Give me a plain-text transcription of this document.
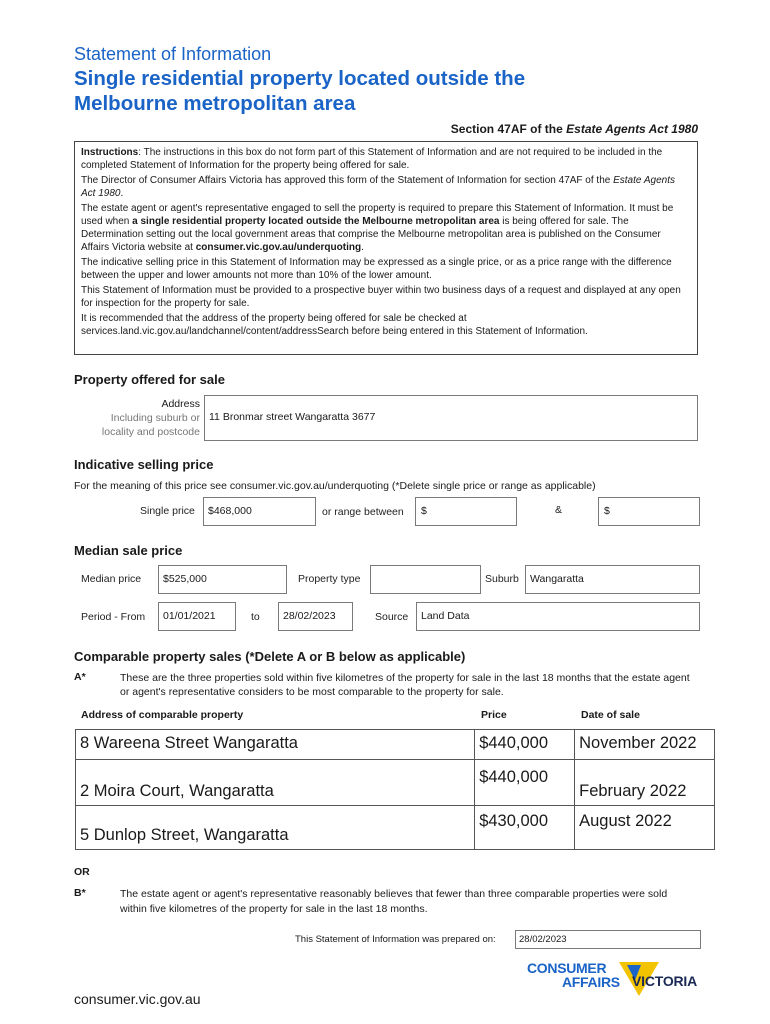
Statement of Information
Single residential property located outside the
Melbourne metropolitan area
Section 47AF of the Estate Agents Act 1980

Instructions: The instructions in this box do not form part of this Statement of Information and are not required to be included in the completed Statement of Information for the property being offered for sale.

The Director of Consumer Affairs Victoria has approved this form of the Statement of Information for section 47AF of the Estate Agents Act 1980.

The estate agent or agent's representative engaged to sell the property is required to prepare this Statement of Information. It must be used when a single residential property located outside the Melbourne metropolitan area is being offered for sale. The Determination setting out the local government areas that comprise the Melbourne metropolitan area is published on the Consumer Affairs Victoria website at consumer.vic.gov.au/underquoting.

The indicative selling price in this Statement of Information may be expressed as a single price, or as a price range with the difference between the upper and lower amounts not more than 10% of the lower amount.

This Statement of Information must be provided to a prospective buyer within two business days of a request and displayed at any open for inspection for the property for sale.

It is recommended that the address of the property being offered for sale be checked at services.land.vic.gov.au/landchannel/content/addressSearch before being entered in this Statement of Information.

Property offered for sale
Address
Including suburb or
locality and postcode
11 Bronmar street Wangaratta 3677
Indicative selling price
For the meaning of this price see consumer.vic.gov.au/underquoting (*Delete single price or range as applicable)
Single price $468,000	or range between $	&	$
Median sale price
Median price $525,000	Property type	Suburb Wangaratta
Period - From 01/01/2021	to 28/02/2023	Source Land Data
Comparable property sales (*Delete A or B below as applicable)
A*	These are the three properties sold within five kilometres of the property for sale in the last 18 months that the estate agent or agent's representative considers to be most comparable to the property for sale.
Address of comparable property	Price	Date of sale
8 Wareena Street Wangaratta	$440,000	November 2022
2 Moira Court, Wangaratta	$440,000	February 2022
5 Dunlop Street, Wangaratta	$430,000	August 2022
OR
B*	The estate agent or agent's representative reasonably believes that fewer than three comparable properties were sold within five kilometres of the property for sale in the last 18 months.
This Statement of Information was prepared on: 28/02/2023
CONSUMER
AFFAIRS VICTORIA
consumer.vic.gov.au
